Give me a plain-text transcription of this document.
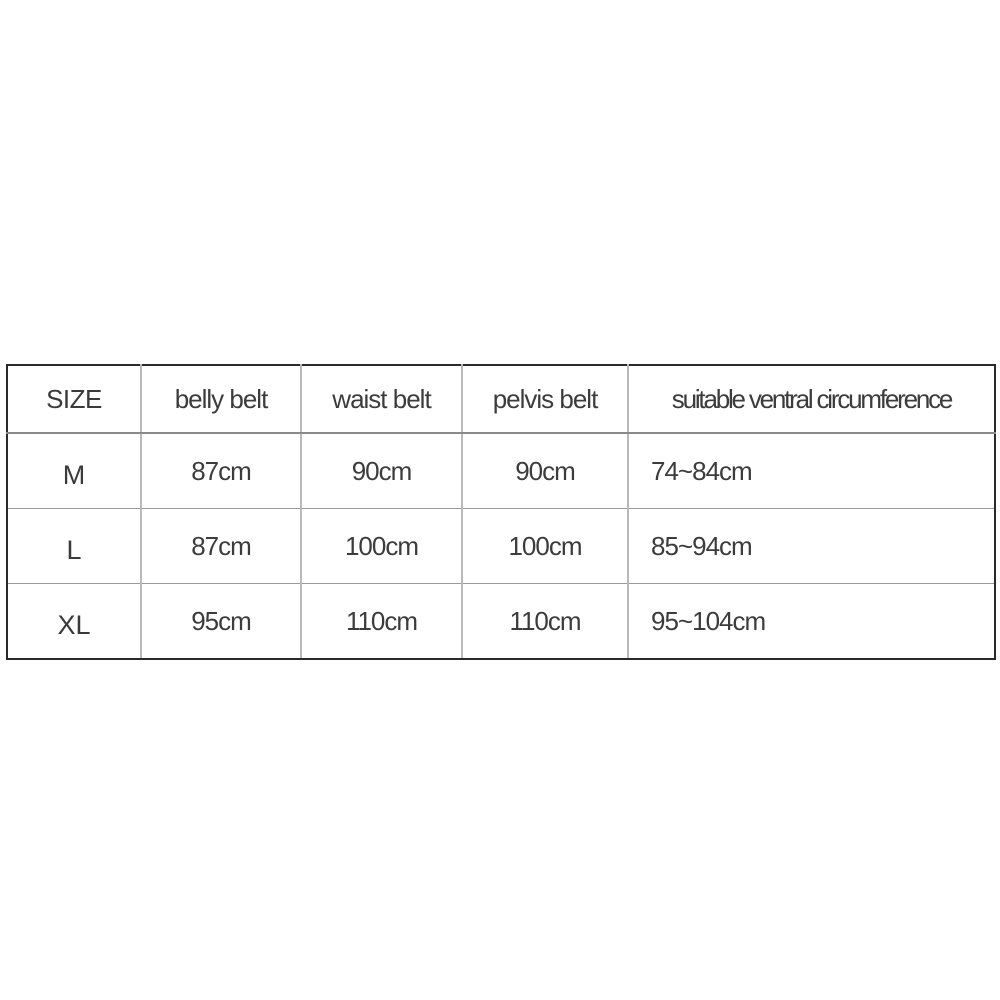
SIZE	belly belt	waist belt	pelvis belt	suitable ventral circumference
M	87cm	90cm	90cm	74~84cm
L	87cm	100cm	100cm	85~94cm
XL	95cm	110cm	110cm	95~104cm
